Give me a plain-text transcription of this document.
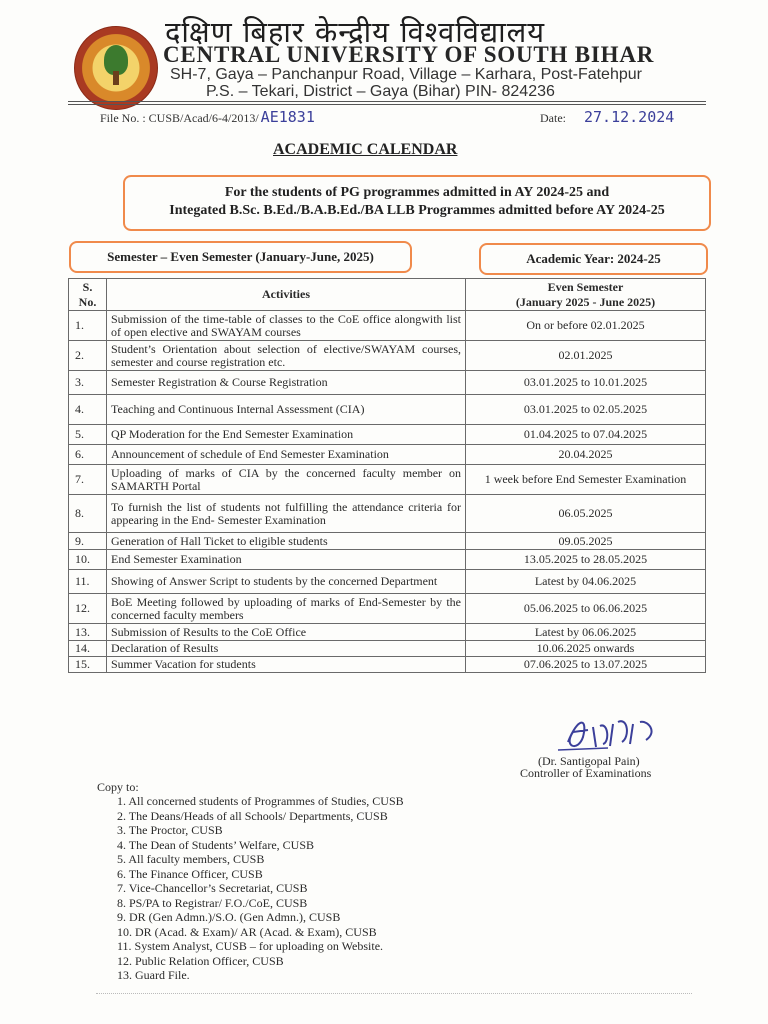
दक्षिण बिहार केन्द्रीय विश्वविद्यालय
CENTRAL UNIVERSITY OF SOUTH BIHAR
SH-7, Gaya – Panchanpur Road, Village – Karhara, Post-Fatehpur
P.S. – Tekari, District – Gaya (Bihar) PIN- 824236
File No. : CUSB/Acad/6-4/2013/ AE1831	Date: 27.12.2024
ACADEMIC CALENDAR
For the students of PG programmes admitted in AY 2024-25 and
Integated B.Sc. B.Ed./B.A.B.Ed./BA LLB Programmes admitted before AY 2024-25
Semester – Even Semester (January-June, 2025)	Academic Year: 2024-25
S. No.	Activities	Even Semester
(January 2025 - June 2025)

1.	Submission of the time-table of classes to the CoE office alongwith list of open elective and SWAYAM courses	On or before 02.01.2025
2.	Student’s Orientation about selection of elective/SWAYAM courses, semester and course registration etc.	02.01.2025
3.	Semester Registration & Course Registration	03.01.2025 to 10.01.2025
4.	Teaching and Continuous Internal Assessment (CIA)	03.01.2025 to 02.05.2025
5.	QP Moderation for the End Semester Examination	01.04.2025 to 07.04.2025
6.	Announcement of schedule of End Semester Examination	20.04.2025
7.	Uploading of marks of CIA by the concerned faculty member on SAMARTH Portal	1 week before End Semester Examination
8.	To furnish the list of students not fulfilling the attendance criteria for appearing in the End- Semester Examination	06.05.2025
9.	Generation of Hall Ticket to eligible students	09.05.2025
10.	End Semester Examination	13.05.2025 to 28.05.2025
11.	Showing of Answer Script to students by the concerned Department	Latest by 04.06.2025
12.	BoE Meeting followed by uploading of marks of End-Semester by the concerned faculty members	05.06.2025 to 06.06.2025
13.	Submission of Results to the CoE Office	Latest by 06.06.2025
14.	Declaration of Results	10.06.2025 onwards
15.	Summer Vacation for students	07.06.2025 to 13.07.2025
(Dr. Santigopal Pain)
Controller of Examinations
Copy to:
1. All concerned students of Programmes of Studies, CUSB
2. The Deans/Heads of all Schools/ Departments, CUSB
3. The Proctor, CUSB
4. The Dean of Students’ Welfare, CUSB
5. All faculty members, CUSB
6. The Finance Officer, CUSB
7. Vice-Chancellor’s Secretariat, CUSB
8. PS/PA to Registrar/ F.O./CoE, CUSB
9. DR (Gen Admn.)/S.O. (Gen Admn.), CUSB
10. DR (Acad. & Exam)/ AR (Acad. & Exam), CUSB
11. System Analyst, CUSB – for uploading on Website.
12. Public Relation Officer, CUSB
13. Guard File.
